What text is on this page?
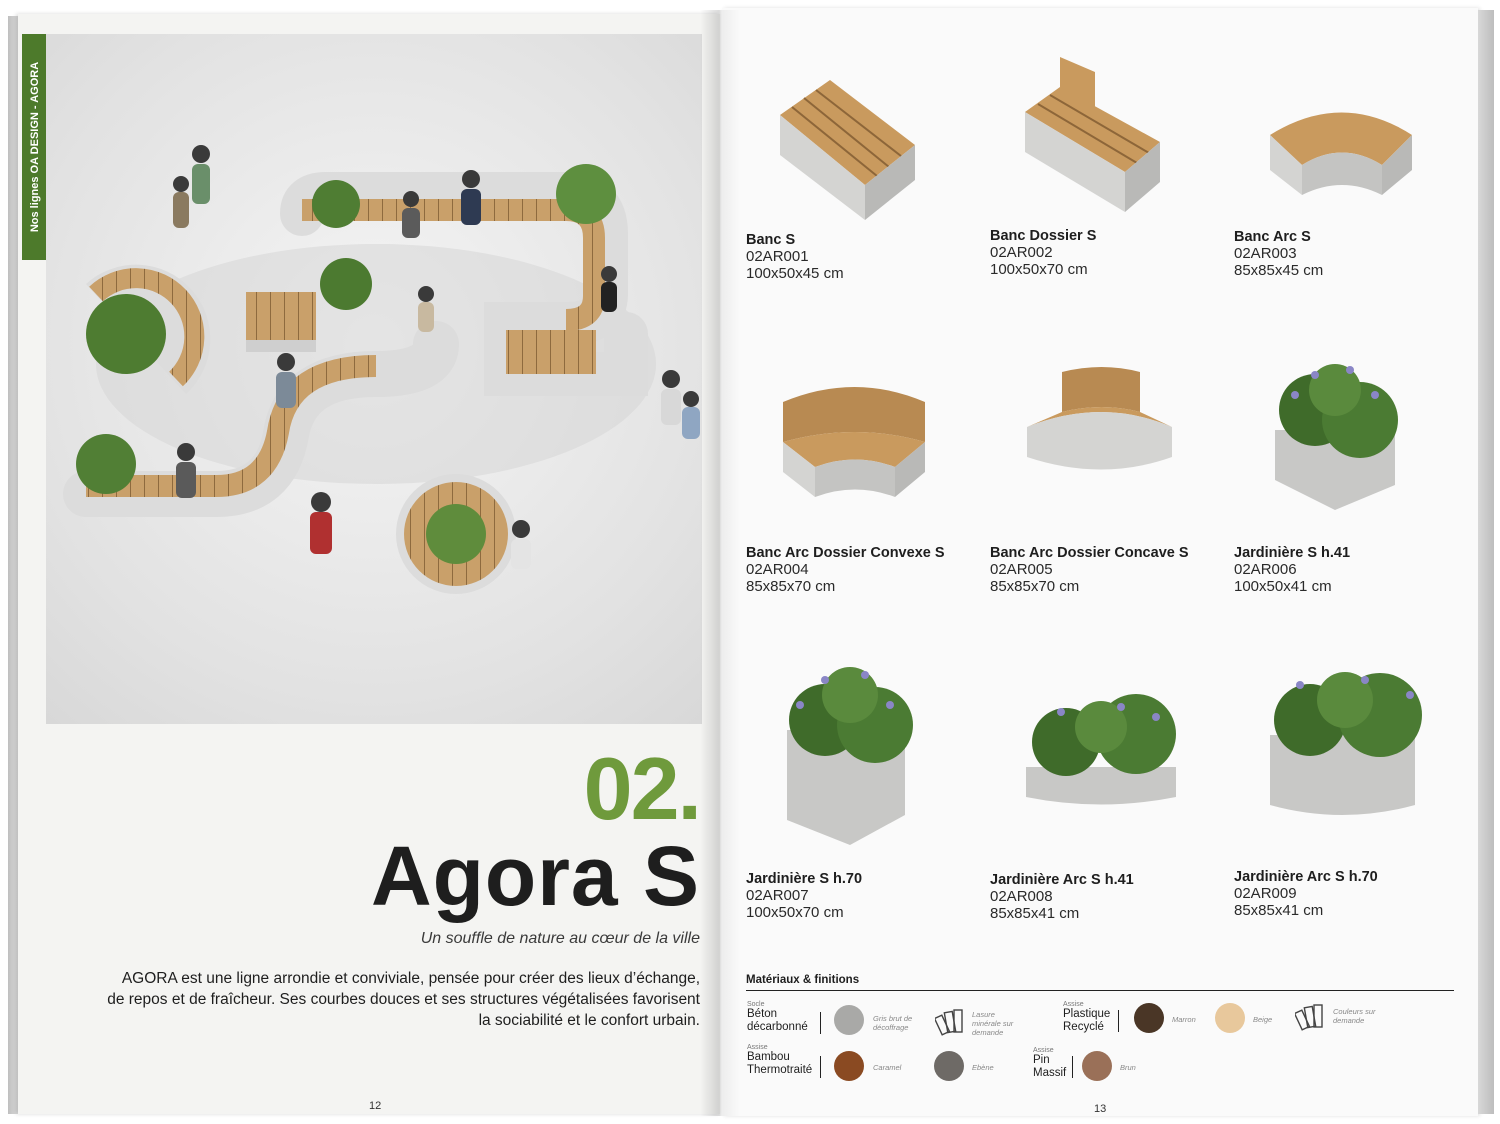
Nos lignes OA DESIGN - AGORA
02.
Agora S
Un souffle de nature au cœur de la ville
AGORA est une ligne arrondie et conviviale, pensée pour créer des lieux d’échange,
de repos et de fraîcheur. Ses courbes douces et ses structures végétalisées favorisent
la sociabilité et le confort urbain.
12
Banc S
02AR001
100x50x45 cm
Banc Dossier S
02AR002
100x50x70 cm
Banc Arc S
02AR003
85x85x45 cm
Banc Arc Dossier Convexe S
02AR004
85x85x70 cm
Banc Arc Dossier Concave S
02AR005
85x85x70 cm
Jardinière S h.41
02AR006
100x50x41 cm
Jardinière S h.70
02AR007
100x50x70 cm
Jardinière Arc S h.41
02AR008
85x85x41 cm
Jardinière Arc S h.70
02AR009
85x85x41 cm
Matériaux & finitions
Socle
Béton
décarbonné
Gris brut de
décoffrage
Lasure
minérale sur
demande
Assise
Plastique
Recyclé
Marron	Beige
Couleurs sur
demande
Assise
Bambou
Thermotraité	Caramel	Ebène
Assise
Pin
Massif	Brun
13
